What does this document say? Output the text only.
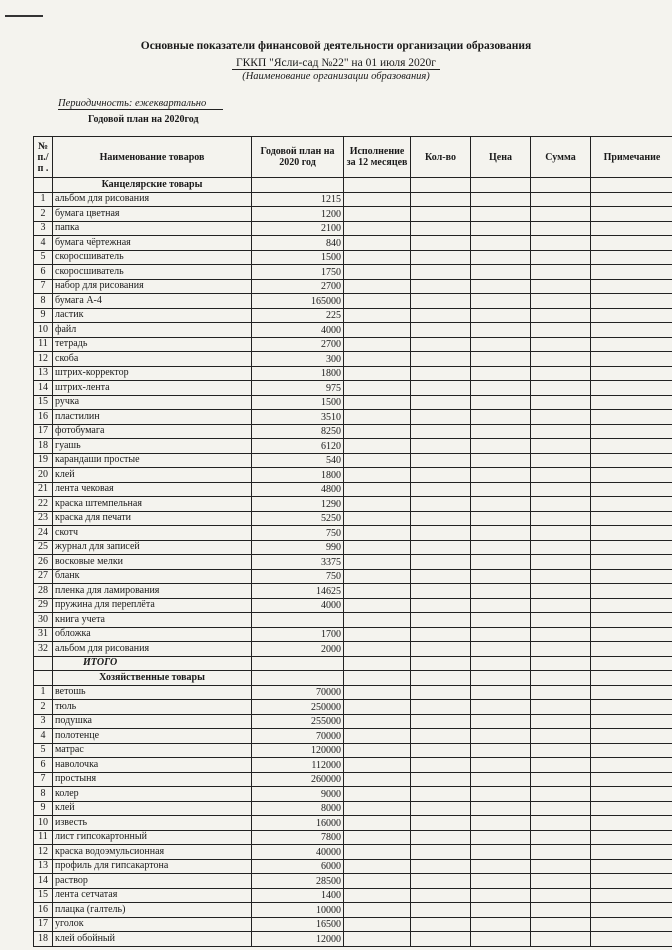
Основные показатели финансовой деятельности организации образования
ГККП "Ясли-сад №22" на 01 июля 2020г
(Наименование организации образования)
Периодичность: ежеквартально
Годовой план на 2020год
№ п./п .	Наименование товаров	Годовой план на 2020 год	Исполнение за 12 месяцев	Кол-во	Цена	Сумма	Примечание
	Канцелярские товары						
1	альбом для рисования	1215					
2	бумага цветная	1200					
3	папка	2100					
4	бумага чёртежная	840					
5	скоросшиватель	1500					
6	скоросшиватель	1750					
7	набор для рисования	2700					
8	бумага А-4	165000					
9	ластик	225					
10	файл	4000					
11	тетрадь	2700					
12	скоба	300					
13	штрих-корректор	1800					
14	штрих-лента	975					
15	ручка	1500					
16	пластилин	3510					
17	фотобумага	8250					
18	гуашь	6120					
19	карандаши простые	540					
20	клей	1800					
21	лента чековая	4800					
22	краска штемпельная	1290					
23	краска для печати	5250					
24	скотч	750					
25	журнал для записей	990					
26	восковые мелки	3375					
27	бланк	750					
28	пленка для ламирования	14625					
29	пружина для переплёта	4000					
30	книга учета						
31	обложка	1700					
32	альбом для рисования	2000					
	ИТОГО						
	Хозяйственные товары						
1	ветошь	70000					
2	тюль	250000					
3	подушка	255000					
4	полотенце	70000					
5	матрас	120000					
6	наволочка	112000					
7	простыня	260000					
8	колер	9000					
9	клей	8000					
10	известь	16000					
11	лист гипсокартонный	7800					
12	краска водоэмульсионная	40000					
13	профиль для гипсакартона	6000					
14	раствор	28500					
15	лента сетчатая	1400					
16	плацка (галтель)	10000					
17	уголок	16500					
18	клей обойный	12000					
